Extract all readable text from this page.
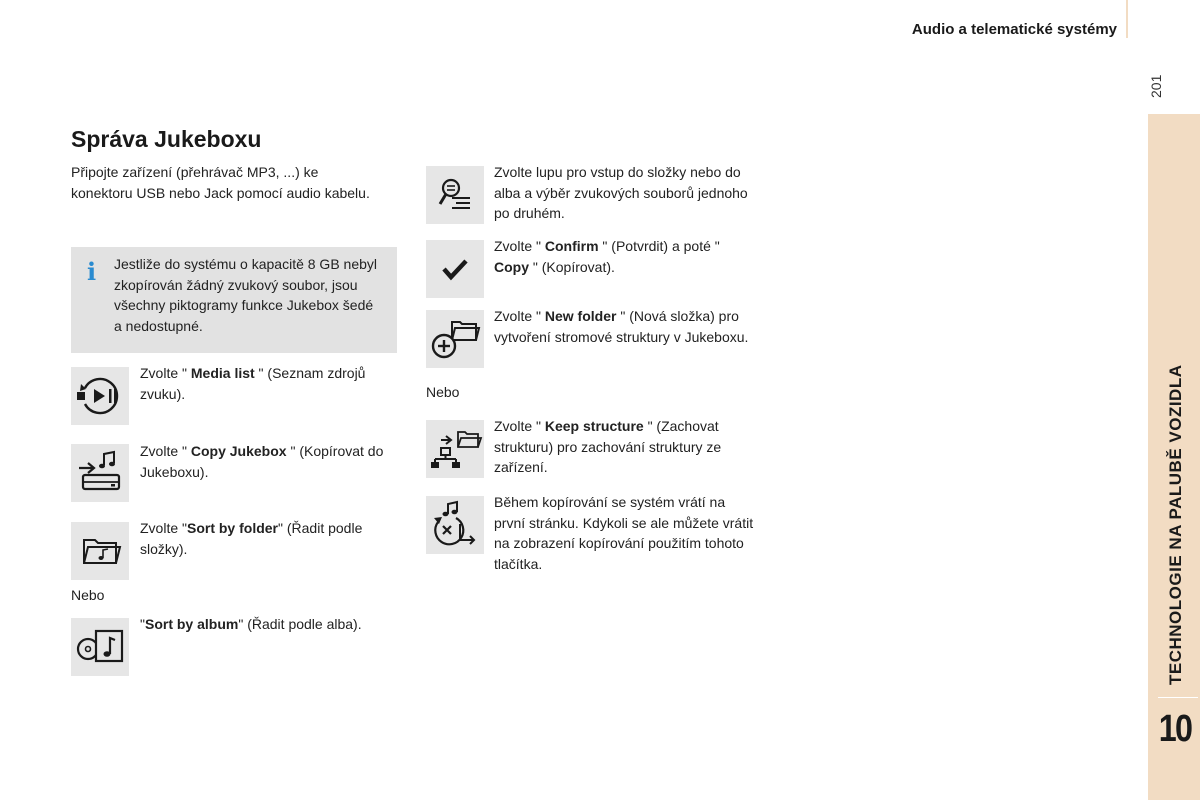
Audio a telematické systémy
201
TECHNOLOGIE NA PALUBĚ VOZIDLA
10
Správa Jukeboxu
Připojte zařízení (přehrávač MP3, ...) ke konektoru USB nebo Jack pomocí audio kabelu.
i Jestliže do systému o kapacitě 8 GB nebyl zkopírován žádný zvukový soubor, jsou všechny piktogramy funkce Jukebox šedé a nedostupné.
Zvolte " Media list " (Seznam zdrojů zvuku).
Zvolte " Copy Jukebox " (Kopírovat do Jukeboxu).
Zvolte "Sort by folder" (Řadit podle složky).
Nebo
"Sort by album" (Řadit podle alba).
Zvolte lupu pro vstup do složky nebo do alba a výběr zvukových souborů jednoho po druhém.
Zvolte " Confirm " (Potvrdit) a poté " Copy " (Kopírovat).
Zvolte " New folder " (Nová složka) pro vytvoření stromové struktury v Jukeboxu.
Nebo
Zvolte " Keep structure " (Zachovat strukturu) pro zachování struktury ze zařízení.
Během kopírování se systém vrátí na první stránku. Kdykoli se ale můžete vrátit na zobrazení kopírování použitím tohoto tlačítka.
